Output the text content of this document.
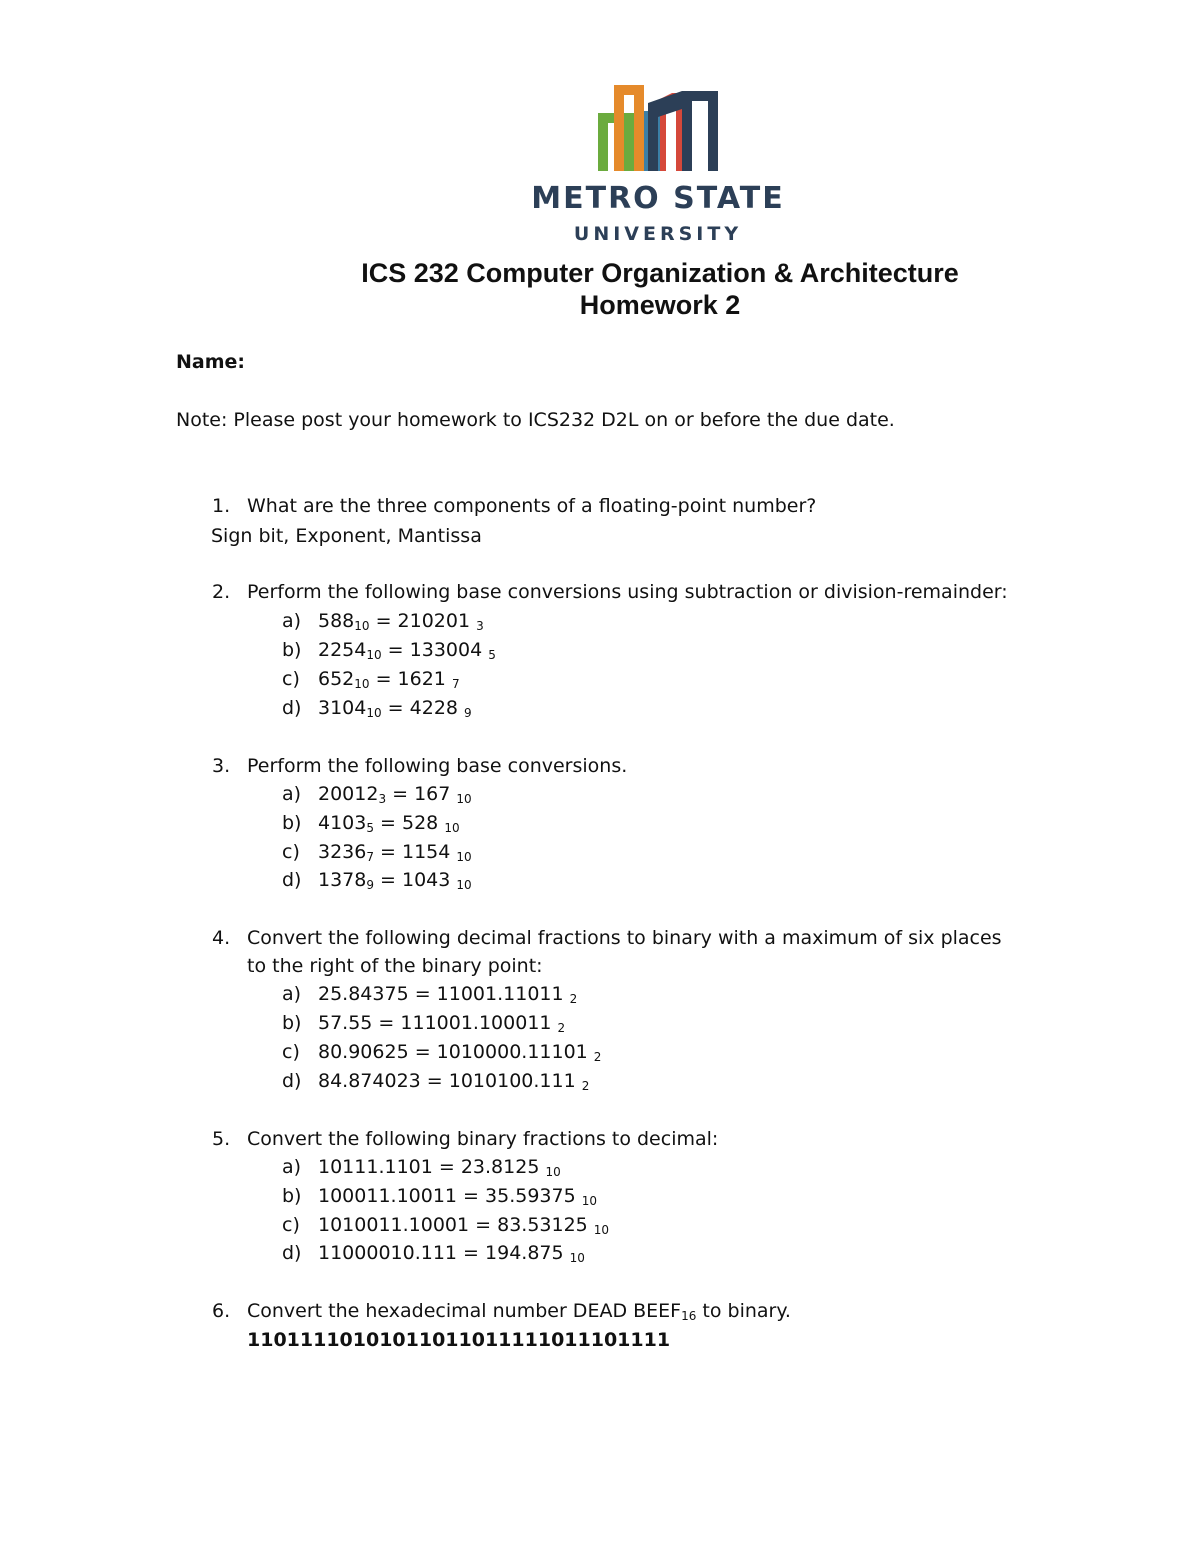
METRO STATE
UNIVERSITY
ICS 232 Computer Organization & Architecture
Homework 2
Name:
Note: Please post your homework to ICS232 D2L on or before the due date.
1. What are the three components of a floating-point number?
Sign bit, Exponent, Mantissa
2. Perform the following base conversions using subtraction or division-remainder:
a) $588_{10} = 210201$ $_3$
b) $2254_{10} = 133004$ $_5$
c) $652_{10} = 1621$ $_7$
d) $3104_{10} = 4228$ $_9$
3. Perform the following base conversions.
a) $20012_3 = 167$ $_{10}$
b) $4103_5 = 528$ $_{10}$
c) $3236_7 = 1154$ $_{10}$
d) $1378_9 = 1043$ $_{10}$
4. Convert the following decimal fractions to binary with a maximum of six places
to the right of the binary point:
a) 25.84375 = 11001.11011 $_2$
b) 57.55 = 111001.100011 $_2$
c) 80.90625 = 1010000.11101 $_2$
d) 84.874023 = 1010100.111 $_2$
5. Convert the following binary fractions to decimal:
a) 10111.1101 = 23.8125 $_{10}$
b) 100011.10011 = 35.59375 $_{10}$
c) 1010011.10001 = 83.53125 $_{10}$
d) 11000010.111 = 194.875 $_{10}$
6. Convert the hexadecimal number DEAD $BEEF_{16}$ to binary.
11011110101011011011111011101111
